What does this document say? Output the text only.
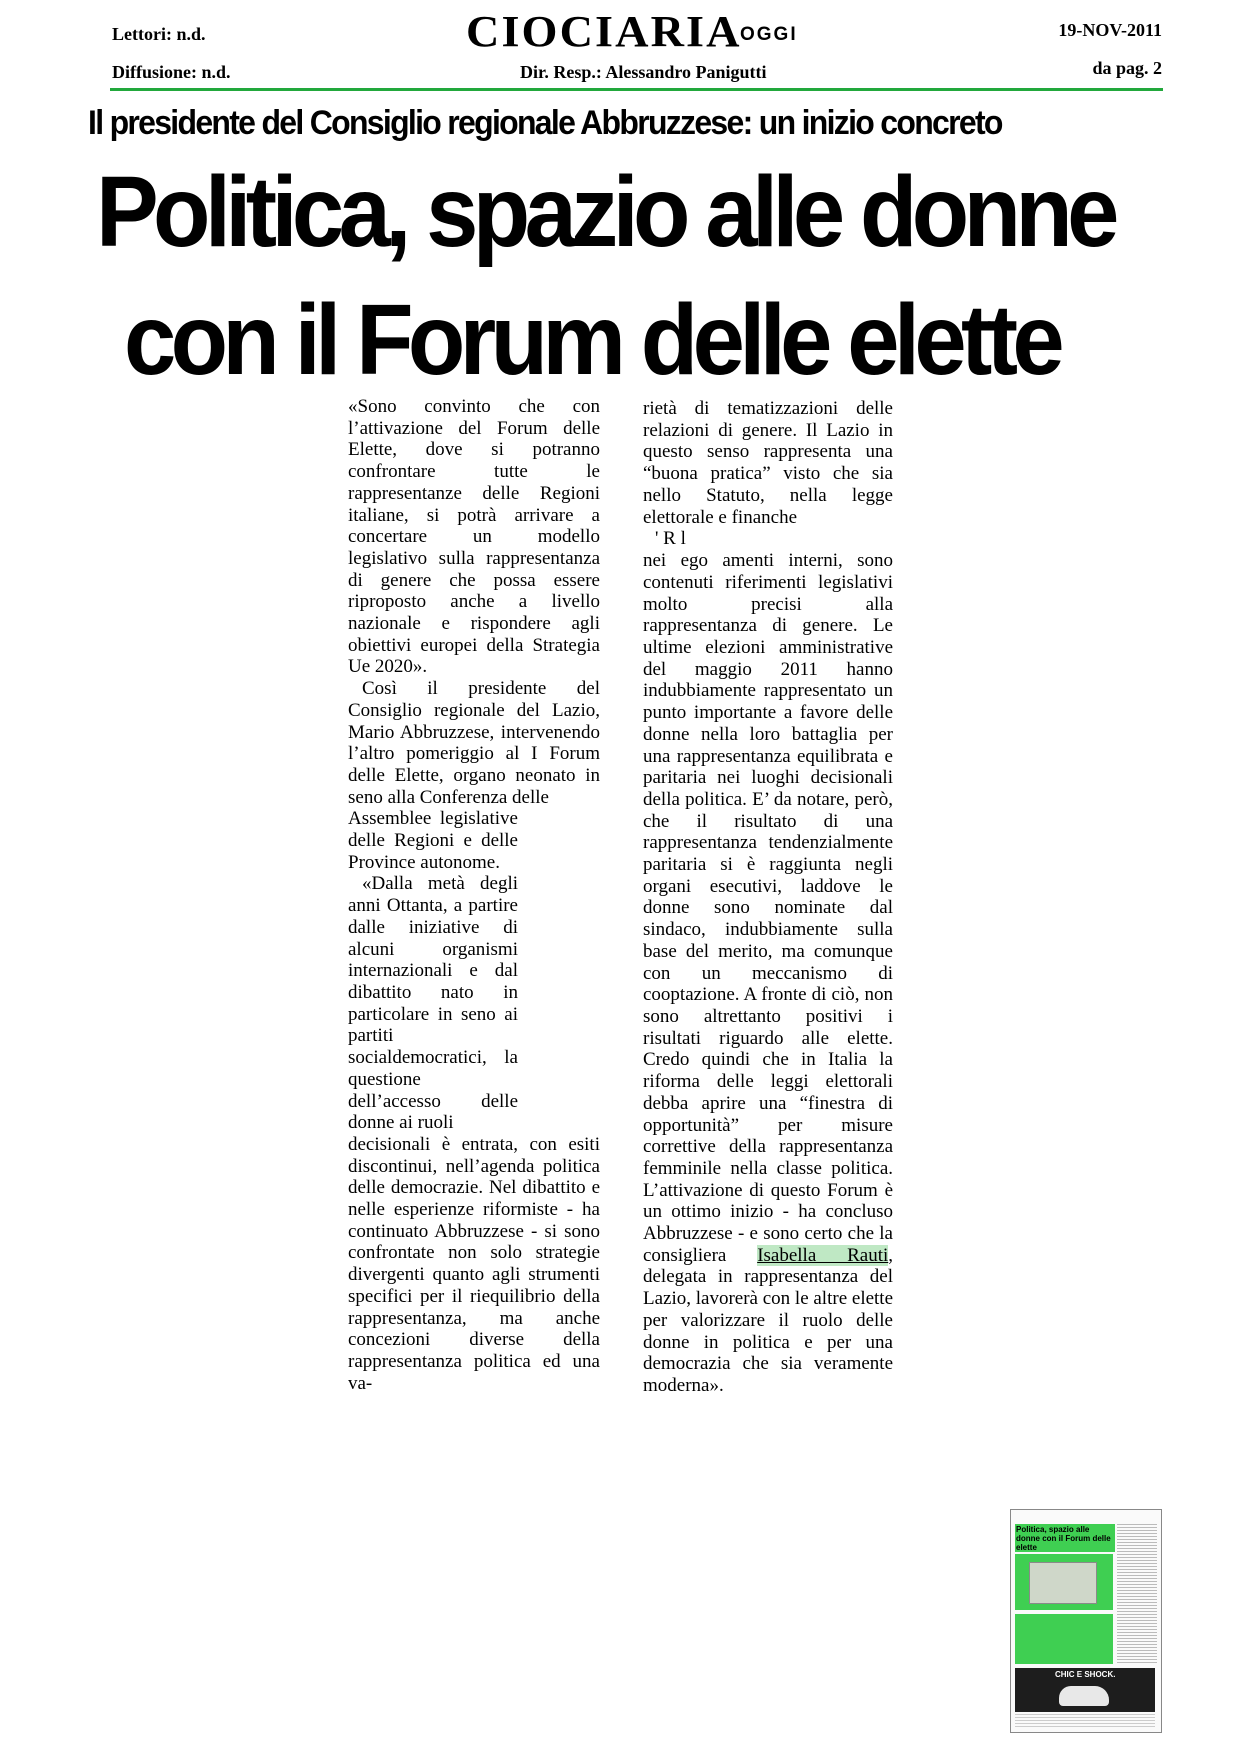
Lettori: n.d.
Diffusione: n.d.
CIOCIARIA
OGGI
Dir. Resp.: Alessandro Panigutti
19-NOV-2011
da pag. 2
Il presidente del Consiglio regionale Abbruzzese: un inizio concreto
Politica, spazio alle donne
con il Forum delle elette

«Sono convinto che con l’attivazione del Forum delle Elette, dove si potranno confrontare tutte le rappresentanze delle Regioni italiane, si potrà arrivare a concertare un modello legislativo sulla rappresentanza di genere che possa essere riproposto anche a livello nazionale e rispondere agli obiettivi europei della Strategia Ue 2020».

Così il presidente del Consiglio regionale del Lazio, Mario Abbruzzese, intervenendo l’altro pomeriggio al I Forum delle Elette, organo neonato in seno alla Conferenza delle

Assemblee legislative delle Regioni e delle Province autonome.

«Dalla metà degli anni Ottanta, a partire dalle iniziative di alcuni organismi internazionali e dal dibattito nato in particolare in seno ai partiti socialdemocratici, la questione dell’accesso delle donne ai ruoli

decisionali è entrata, con esiti discontinui, nell’agenda politica delle democrazie. Nel dibattito e nelle esperienze riformiste - ha continuato Abbruzzese - si sono confrontate non solo strategie divergenti quanto agli strumenti specifici per il riequilibrio della rappresentanza, ma anche concezioni diverse della rappresentanza politica ed una va-

rietà di tematizzazioni delle relazioni di genere. Il Lazio in questo senso rappresenta una “buona pratica” visto che sia nello Statuto, nella legge elettorale e finanche

' R l

nei ego amenti interni, sono contenuti riferimenti legislativi molto precisi alla rappresentanza di genere. Le ultime elezioni amministrative del maggio 2011 hanno indubbiamente rappresentato un punto importante a favore delle donne nella loro battaglia per una rappresentanza equilibrata e paritaria nei luoghi decisionali della politica. E’ da notare, però, che il risultato di una rappresentanza tendenzialmente paritaria si è raggiunta negli organi esecutivi, laddove le donne sono nominate dal sindaco, indubbiamente sulla base del merito, ma comunque con un meccanismo di cooptazione. A fronte di ciò, non sono altrettanto positivi i risultati riguardo alle elette. Credo quindi che in Italia la riforma delle leggi elettorali debba aprire una “finestra di opportunità” per misure correttive della rappresentanza femminile nella classe politica. L’attivazione di questo Forum è un ottimo inizio - ha concluso Abbruzzese - e sono certo che la consigliera Isabella Rauti, delegata in rappresentanza del Lazio, lavorerà con le altre elette per valorizzare il ruolo delle donne in politica e per una democrazia che sia veramente moderna».

Politica, spazio alle donne con il Forum delle elette
CHIC E SHOCK.
